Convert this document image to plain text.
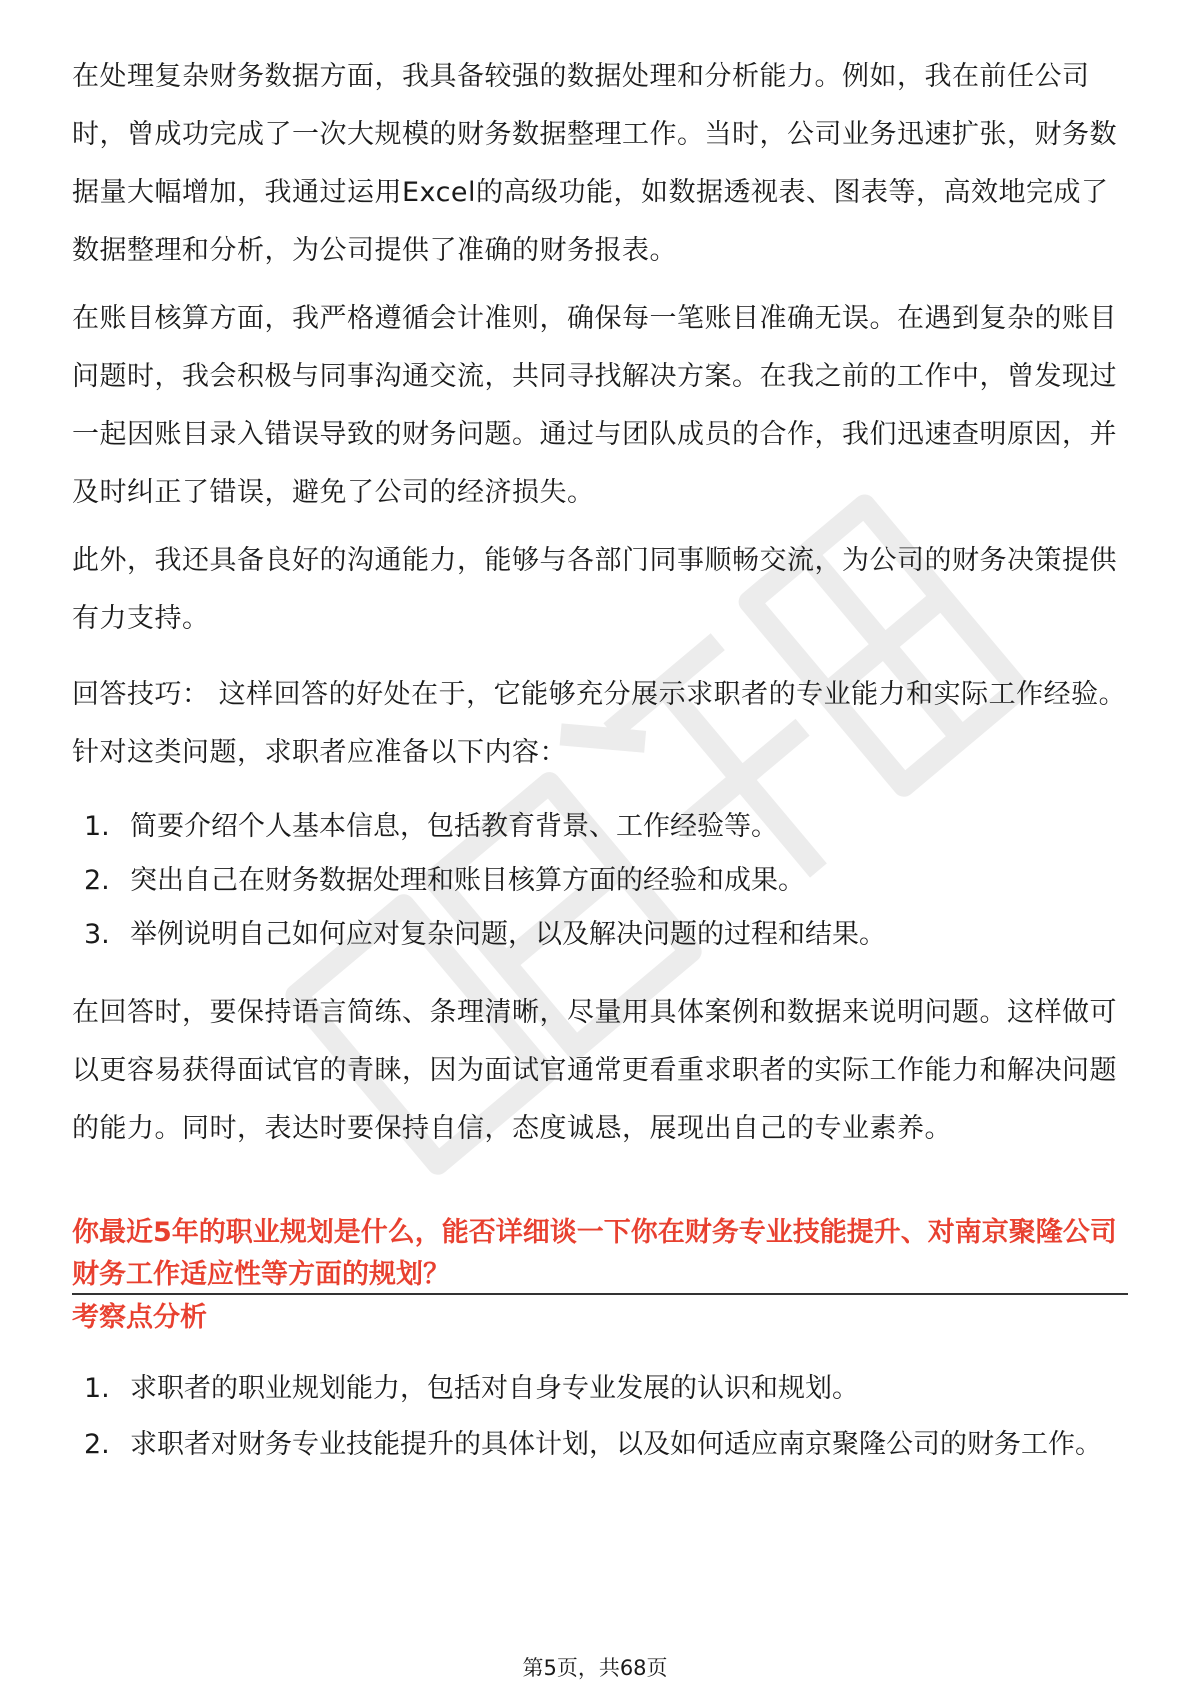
在处理复杂财务数据方面，我具备较强的数据处理和分析能力。例如，我在前任公司时，曾成功完成了一次大规模的财务数据整理工作。当时，公司业务迅速扩张，财务数据量大幅增加，我通过运用Excel的高级功能，如数据透视表、图表等，高效地完成了数据整理和分析，为公司提供了准确的财务报表。

在账目核算方面，我严格遵循会计准则，确保每一笔账目准确无误。在遇到复杂的账目问题时，我会积极与同事沟通交流，共同寻找解决方案。在我之前的工作中，曾发现过一起因账目录入错误导致的财务问题。通过与团队成员的合作，我们迅速查明原因，并及时纠正了错误，避免了公司的经济损失。

此外，我还具备良好的沟通能力，能够与各部门同事顺畅交流，为公司的财务决策提供有力支持。

回答技巧： 这样回答的好处在于，它能够充分展示求职者的专业能力和实际工作经验。针对这类问题，求职者应准备以下内容：

1. 简要介绍个人基本信息，包括教育背景、工作经验等。
2. 突出自己在财务数据处理和账目核算方面的经验和成果。
3. 举例说明自己如何应对复杂问题，以及解决问题的过程和结果。

在回答时，要保持语言简练、条理清晰，尽量用具体案例和数据来说明问题。这样做可以更容易获得面试官的青睐，因为面试官通常更看重求职者的实际工作能力和解决问题的能力。同时，表达时要保持自信，态度诚恳，展现出自己的专业素养。

你最近5年的职业规划是什么，能否详细谈一下你在财务专业技能提升、对南京聚隆公司财务工作适应性等方面的规划？

考察点分析

1. 求职者的职业规划能力，包括对自身专业发展的认识和规划。
2. 求职者对财务专业技能提升的具体计划，以及如何适应南京聚隆公司的财务工作。
第5页，共68页
